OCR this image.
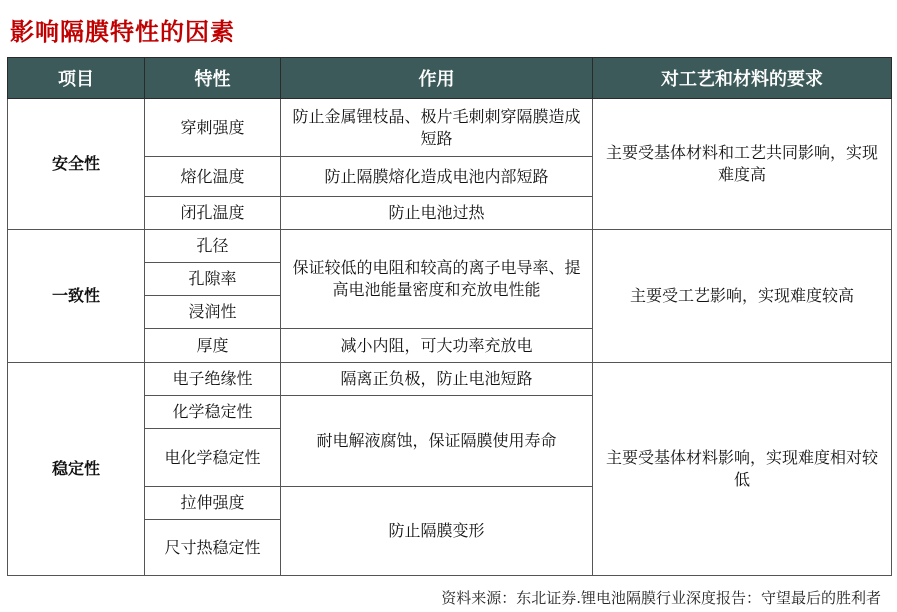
影响隔膜特性的因素
项目	特性	作用	对工艺和材料的要求
安全性	穿刺强度	防止金属锂枝晶、极片毛刺刺穿隔膜造成短路	主要受基体材料和工艺共同影响，实现难度高
	熔化温度	防止隔膜熔化造成电池内部短路	
	闭孔温度	防止电池过热	
一致性	孔径	保证较低的电阻和较高的离子电导率、提高电池能量密度和充放电性能	主要受工艺影响，实现难度较高
	孔隙率		
	浸润性		
	厚度	减小内阻，可大功率充放电	
稳定性	电子绝缘性	隔离正负极，防止电池短路	主要受基体材料影响，实现难度相对较低
	化学稳定性	耐电解液腐蚀，保证隔膜使用寿命	
	电化学稳定性		
	拉伸强度	防止隔膜变形	
	尺寸热稳定性		
资料来源：东北证券.锂电池隔膜行业深度报告：守望最后的胜利者
